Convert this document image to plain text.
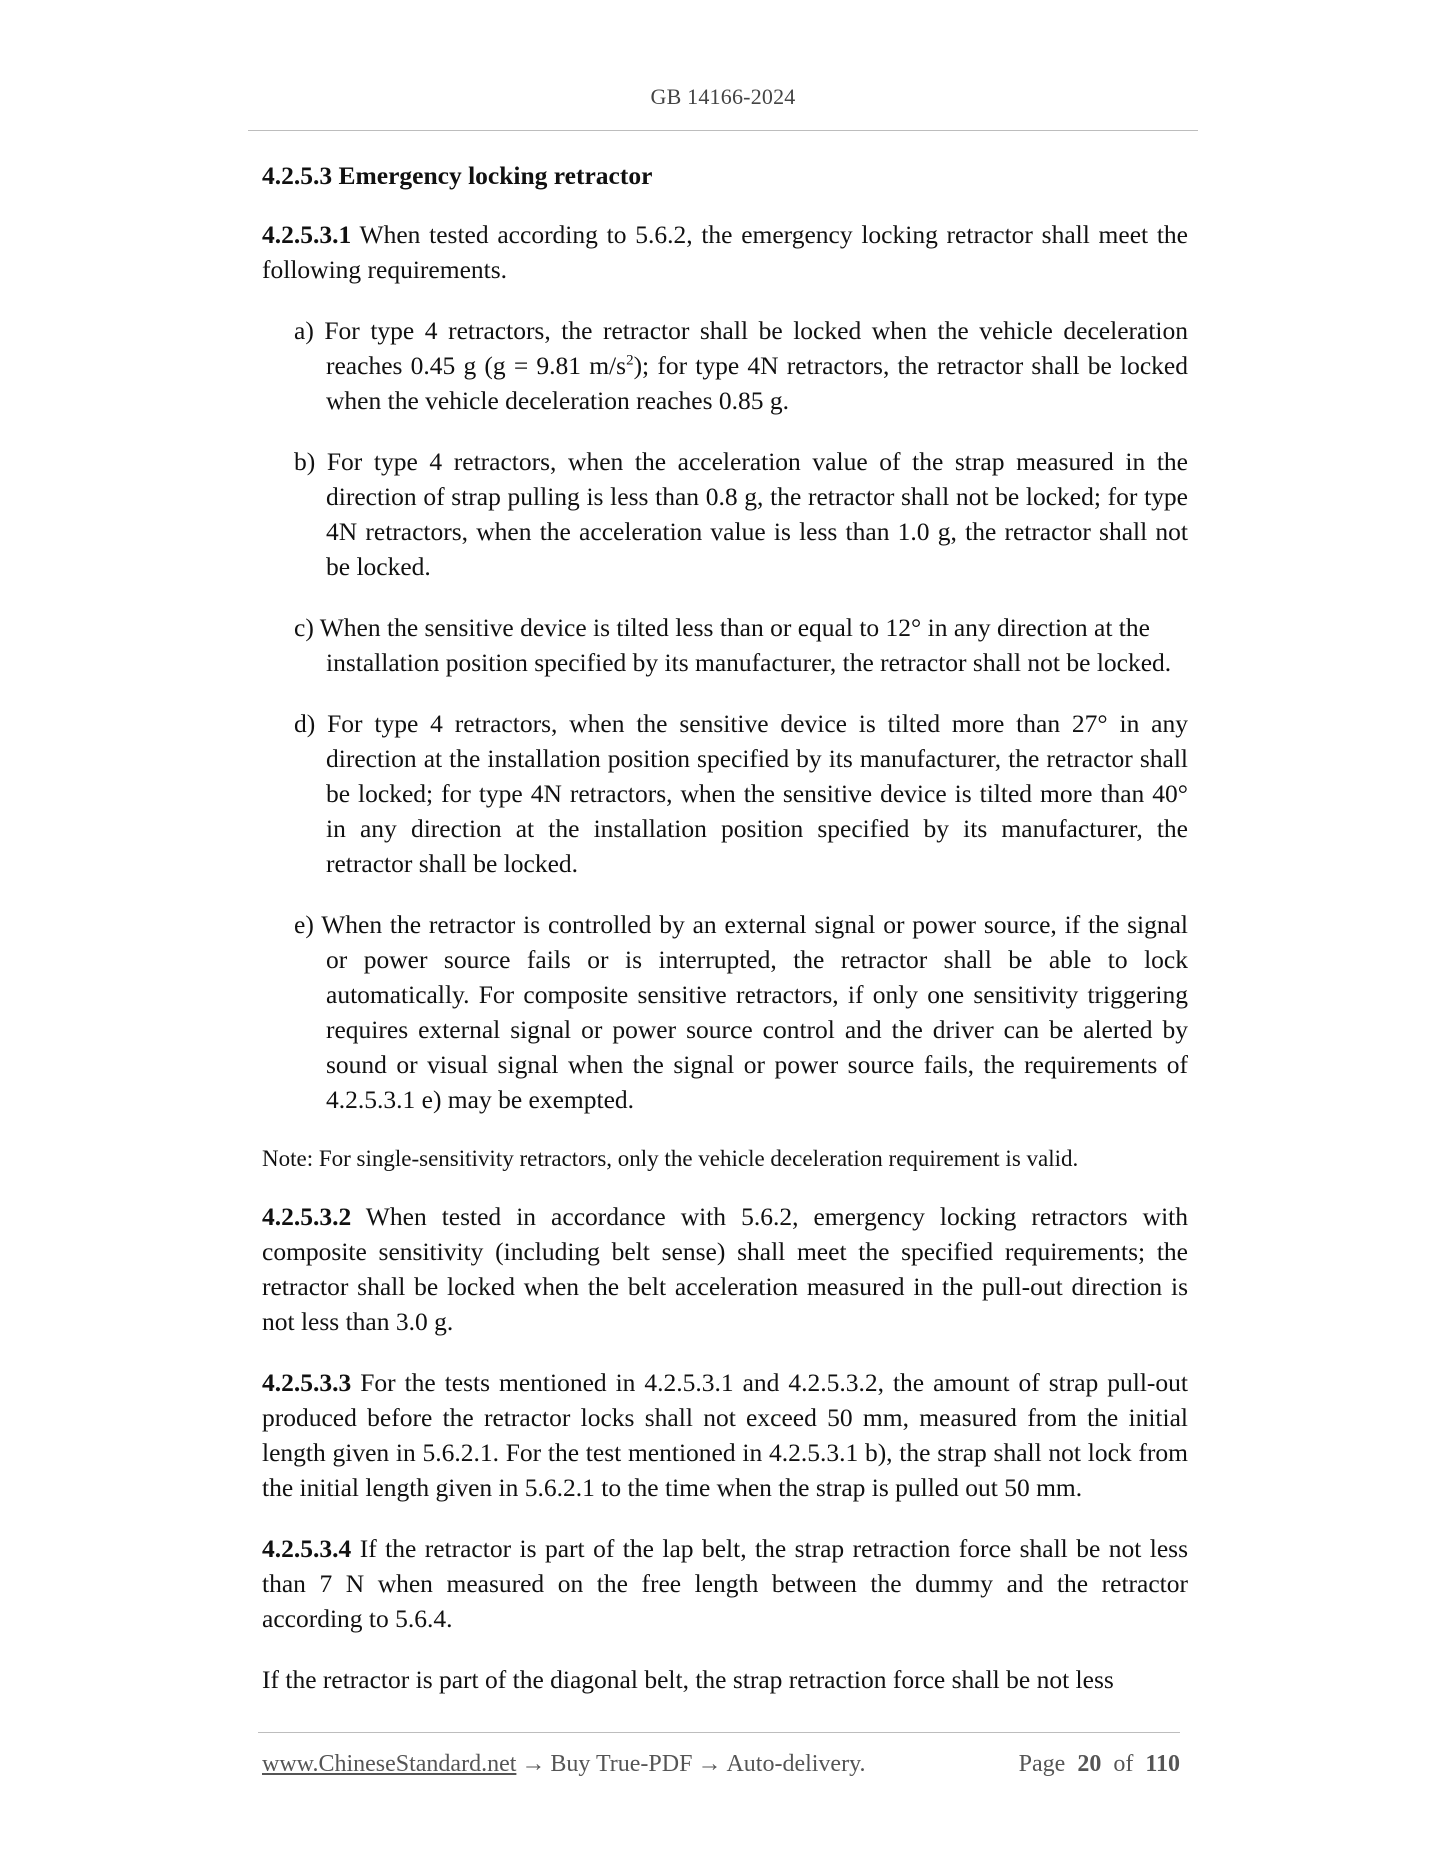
GB 14166-2024
4.2.5.3 Emergency locking retractor
4.2.5.3.1 When tested according to 5.6.2, the emergency locking retractor shall meet the following requirements.
a) For type 4 retractors, the retractor shall be locked when the vehicle deceleration reaches 0.45 g (g = 9.81 $m/s^2$); for type 4N retractors, the retractor shall be locked when the vehicle deceleration reaches 0.85 g.
b) For type 4 retractors, when the acceleration value of the strap measured in the direction of strap pulling is less than 0.8 g, the retractor shall not be locked; for type 4N retractors, when the acceleration value is less than 1.0 g, the retractor shall not be locked.
c) When the sensitive device is tilted less than or equal to 12° in any direction at the installation position specified by its manufacturer, the retractor shall not be locked.
d) For type 4 retractors, when the sensitive device is tilted more than 27° in any direction at the installation position specified by its manufacturer, the retractor shall be locked; for type 4N retractors, when the sensitive device is tilted more than 40° in any direction at the installation position specified by its manufacturer, the retractor shall be locked.
e) When the retractor is controlled by an external signal or power source, if the signal or power source fails or is interrupted, the retractor shall be able to lock automatically. For composite sensitive retractors, if only one sensitivity triggering requires external signal or power source control and the driver can be alerted by sound or visual signal when the signal or power source fails, the requirements of 4.2.5.3.1 e) may be exempted.
Note: For single-sensitivity retractors, only the vehicle deceleration requirement is valid.
4.2.5.3.2 When tested in accordance with 5.6.2, emergency locking retractors with composite sensitivity (including belt sense) shall meet the specified requirements; the retractor shall be locked when the belt acceleration measured in the pull-out direction is not less than 3.0 g.
4.2.5.3.3 For the tests mentioned in 4.2.5.3.1 and 4.2.5.3.2, the amount of strap pull-out produced before the retractor locks shall not exceed 50 mm, measured from the initial length given in 5.6.2.1. For the test mentioned in 4.2.5.3.1 b), the strap shall not lock from the initial length given in 5.6.2.1 to the time when the strap is pulled out 50 mm.
4.2.5.3.4 If the retractor is part of the lap belt, the strap retraction force shall be not less than 7 N when measured on the free length between the dummy and the retractor according to 5.6.4.
If the retractor is part of the diagonal belt, the strap retraction force shall be not less
www.ChineseStandard.net → Buy True-PDF → Auto-delivery.	Page 20 of 110
